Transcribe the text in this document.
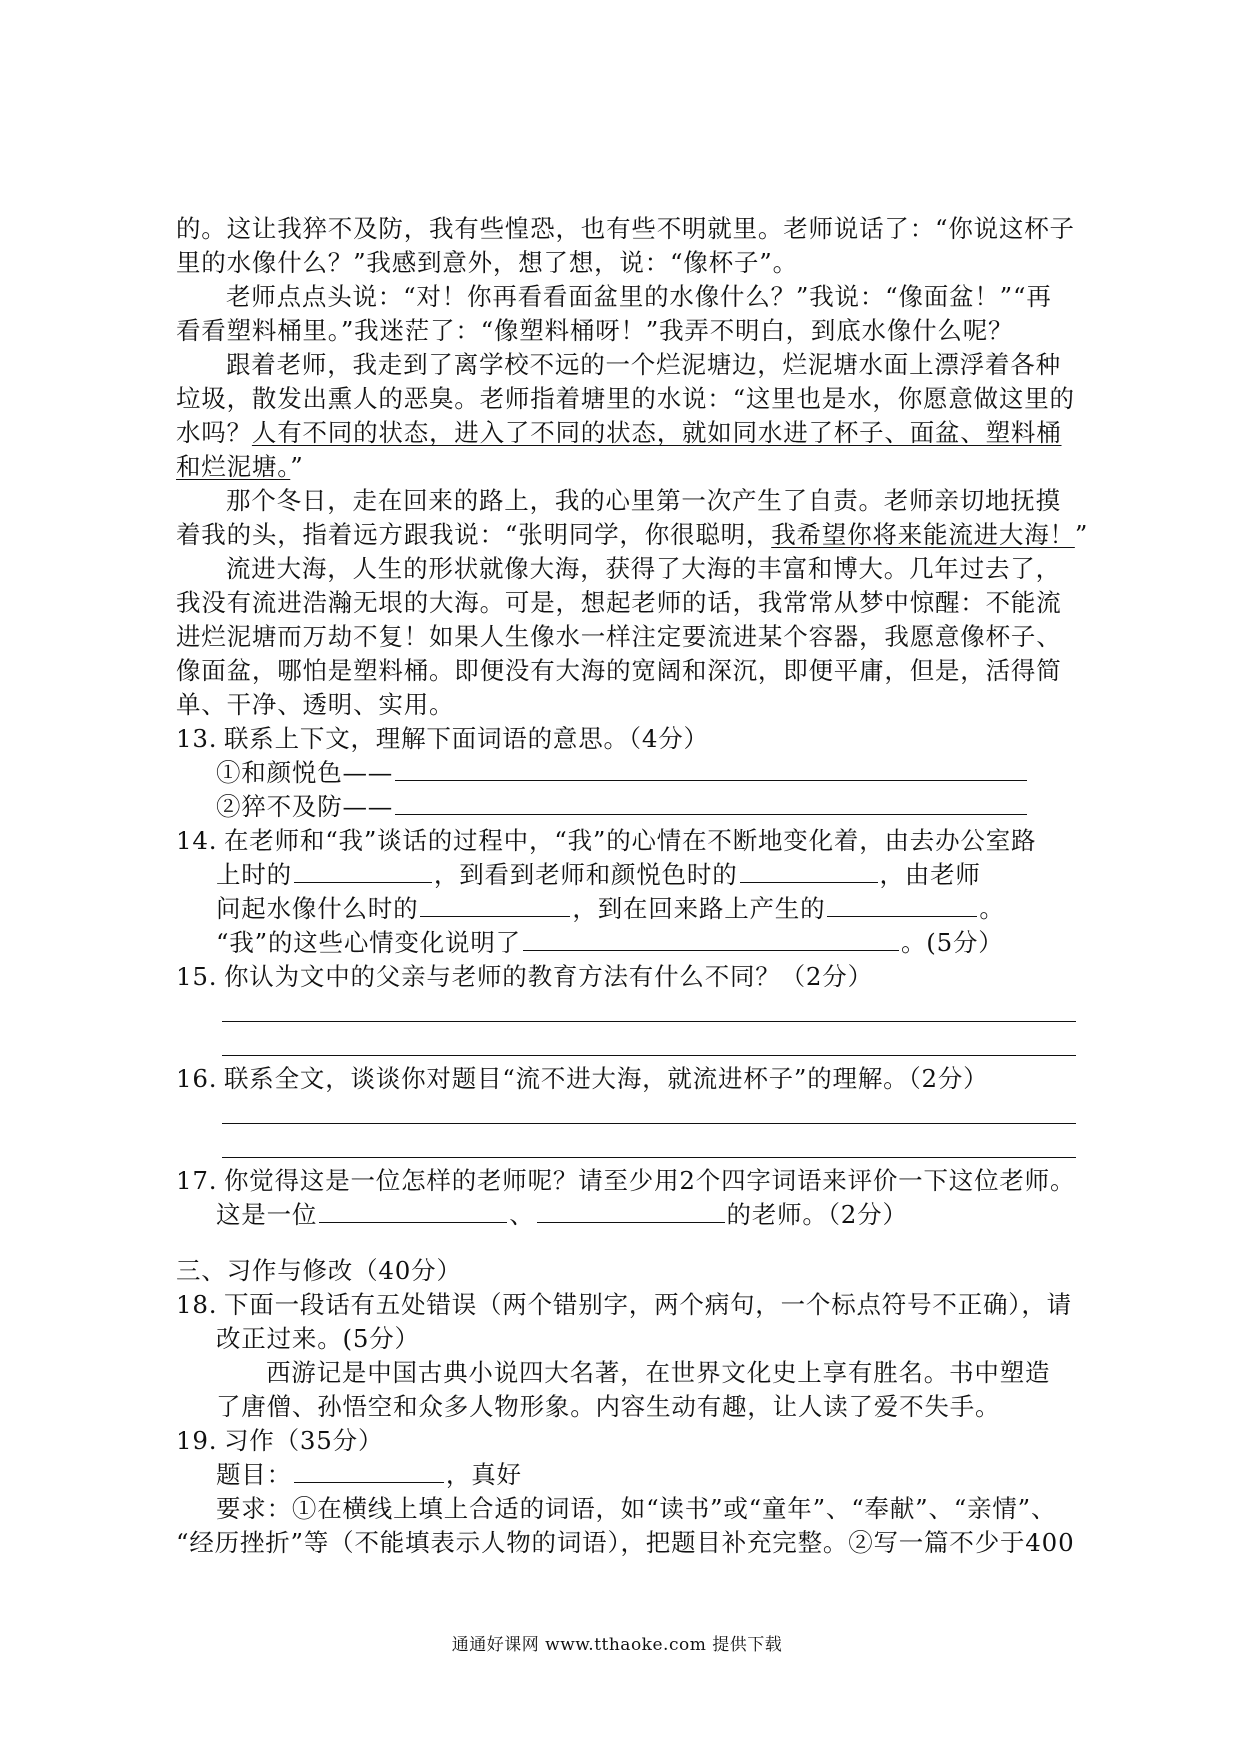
的。这让我猝不及防，我有些惶恐，也有些不明就里。老师说话了：“你说这杯子
里的水像什么？”我感到意外，想了想，说：“像杯子”。
老师点点头说：“对！你再看看面盆里的水像什么？”我说：“像面盆！”“再
看看塑料桶里。”我迷茫了：“像塑料桶呀！”我弄不明白，到底水像什么呢？
跟着老师，我走到了离学校不远的一个烂泥塘边，烂泥塘水面上漂浮着各种
垃圾，散发出熏人的恶臭。老师指着塘里的水说：“这里也是水，你愿意做这里的
水吗？人有不同的状态，进入了不同的状态，就如同水进了杯子、面盆、塑料桶
和烂泥塘。”
那个冬日，走在回来的路上，我的心里第一次产生了自责。老师亲切地抚摸
着我的头，指着远方跟我说：“张明同学，你很聪明，我希望你将来能流进大海！”
流进大海，人生的形状就像大海，获得了大海的丰富和博大。几年过去了，
我没有流进浩瀚无垠的大海。可是，想起老师的话，我常常从梦中惊醒：不能流
进烂泥塘而万劫不复！如果人生像水一样注定要流进某个容器，我愿意像杯子、
像面盆，哪怕是塑料桶。即便没有大海的宽阔和深沉，即便平庸，但是，活得简
单、干净、透明、实用。
13. 联系上下文，理解下面词语的意思。（4分）
①和颜悦色——
②猝不及防——
14. 在老师和“我”谈话的过程中，“我”的心情在不断地变化着，由去办公室路
上时的	，到看到老师和颜悦色时的	，由老师
问起水像什么时的	，到在回来路上产生的	。
“我”的这些心情变化说明了	。(5分）
15. 你认为文中的父亲与老师的教育方法有什么不同？（2分）
16. 联系全文，谈谈你对题目“流不进大海，就流进杯子”的理解。（2分）
17. 你觉得这是一位怎样的老师呢？请至少用2个四字词语来评价一下这位老师。
这是一位	、	的老师。（2分）
三、习作与修改（40分）
18. 下面一段话有五处错误（两个错别字，两个病句，一个标点符号不正确），请
改正过来。(5分）
西游记是中国古典小说四大名著，在世界文化史上享有胜名。书中塑造
了唐僧、孙悟空和众多人物形象。内容生动有趣，让人读了爱不失手。
19. 习作（35分）
题目：	，真好
要求：①在横线上填上合适的词语，如“读书”或“童年”、“奉献”、“亲情”、
“经历挫折”等（不能填表示人物的词语），把题目补充完整。②写一篇不少于400
通通好课网 www.tthaoke.com 提供下载
